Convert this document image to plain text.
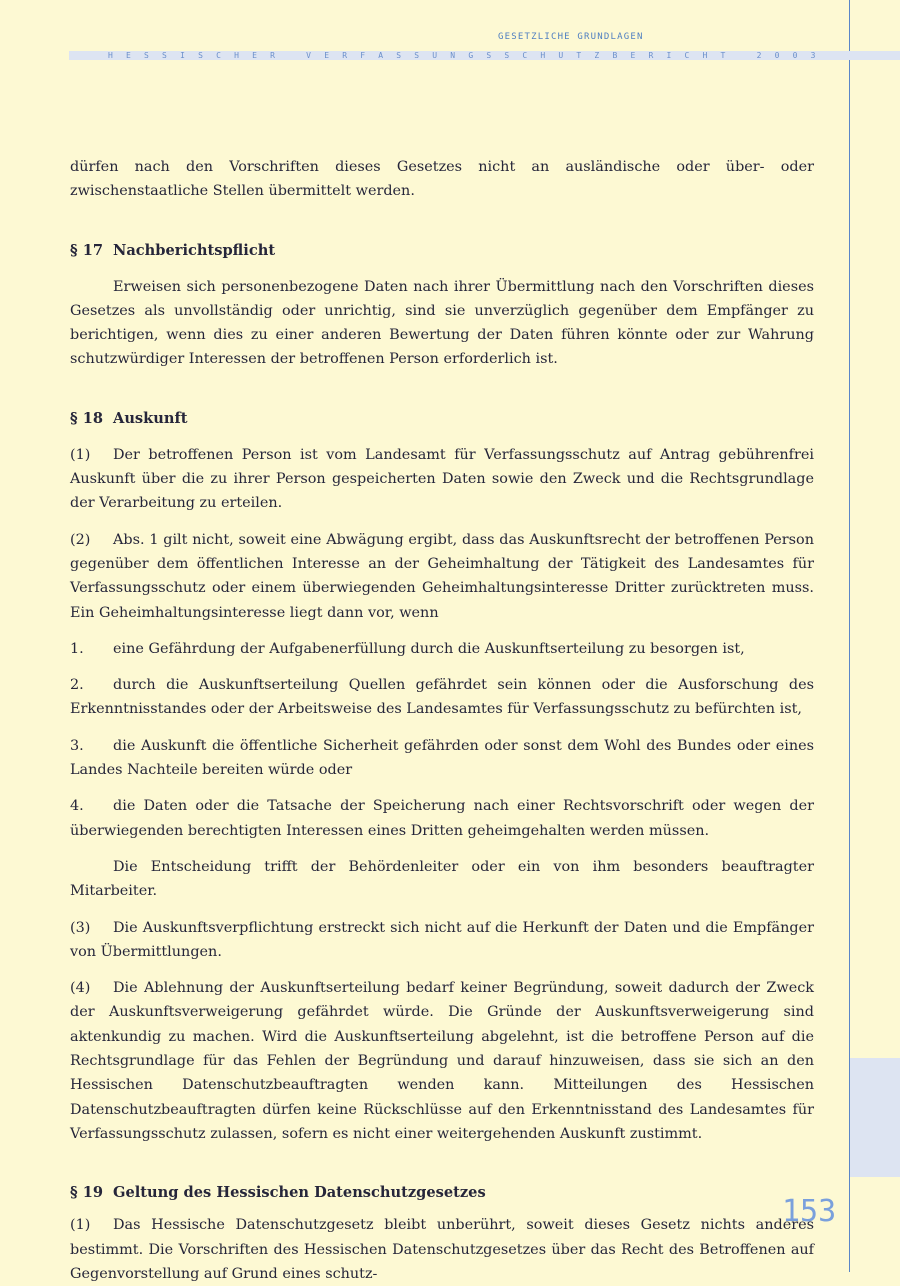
GESETZLICHE GRUNDLAGEN
H E S S I S C H E R
	V E R F A S S U N G S S C H U T Z B E R I C H T
	2 0 0 3
153

dürfen nach den Vorschriften dieses Gesetzes nicht an ausländische oder über- oder zwischenstaatliche Stellen übermittelt werden.

§ 17 Nachberichtspflicht

Erweisen sich personenbezogene Daten nach ihrer Übermittlung nach den Vorschriften dieses Gesetzes als unvollständig oder unrichtig, sind sie unverzüglich gegenüber dem Empfänger zu berichtigen, wenn dies zu einer anderen Bewertung der Daten führen könnte oder zur Wahrung schutzwürdiger Interessen der betroffenen Person erforderlich ist.

§ 18 Auskunft

(1) Der betroffenen Person ist vom Landesamt für Verfassungsschutz auf Antrag gebührenfrei Auskunft über die zu ihrer Person gespeicherten Daten sowie den Zweck und die Rechtsgrundlage der Verarbeitung zu erteilen.

(2) Abs. 1 gilt nicht, soweit eine Abwägung ergibt, dass das Auskunftsrecht der betroffenen Person gegenüber dem öffentlichen Interesse an der Geheimhaltung der Tätigkeit des Landesamtes für Verfassungsschutz oder einem überwiegenden Geheimhaltungsinteresse Dritter zurücktreten muss. Ein Geheimhaltungsinteresse liegt dann vor, wenn

1. eine Gefährdung der Aufgabenerfüllung durch die Auskunftserteilung zu besorgen ist,

2. durch die Auskunftserteilung Quellen gefährdet sein können oder die Ausforschung des Erkenntnisstandes oder der Arbeitsweise des Landesamtes für Verfassungsschutz zu befürchten ist,

3. die Auskunft die öffentliche Sicherheit gefährden oder sonst dem Wohl des Bundes oder eines Landes Nachteile bereiten würde oder

4. die Daten oder die Tatsache der Speicherung nach einer Rechtsvorschrift oder wegen der überwiegenden berechtigten Interessen eines Dritten geheimgehalten werden müssen.

Die Entscheidung trifft der Behördenleiter oder ein von ihm besonders beauftragter Mitarbeiter.

(3) Die Auskunftsverpflichtung erstreckt sich nicht auf die Herkunft der Daten und die Empfänger von Übermittlungen.

(4) Die Ablehnung der Auskunftserteilung bedarf keiner Begründung, soweit dadurch der Zweck der Auskunftsverweigerung gefährdet würde. Die Gründe der Auskunftsverweigerung sind aktenkundig zu machen. Wird die Auskunftserteilung abgelehnt, ist die betroffene Person auf die Rechtsgrundlage für das Fehlen der Begründung und darauf hinzuweisen, dass sie sich an den Hessischen Datenschutzbeauftragten wenden kann. Mitteilungen des Hessischen Datenschutzbeauftragten dürfen keine Rückschlüsse auf den Erkenntnisstand des Landesamtes für Verfassungsschutz zulassen, sofern es nicht einer weitergehenden Auskunft zustimmt.

§ 19 Geltung des Hessischen Datenschutzgesetzes

(1) Das Hessische Datenschutzgesetz bleibt unberührt, soweit dieses Gesetz nichts anderes bestimmt. Die Vorschriften des Hessischen Datenschutzgesetzes über das Recht des Betroffenen auf Gegenvorstellung auf Grund eines schutz-
